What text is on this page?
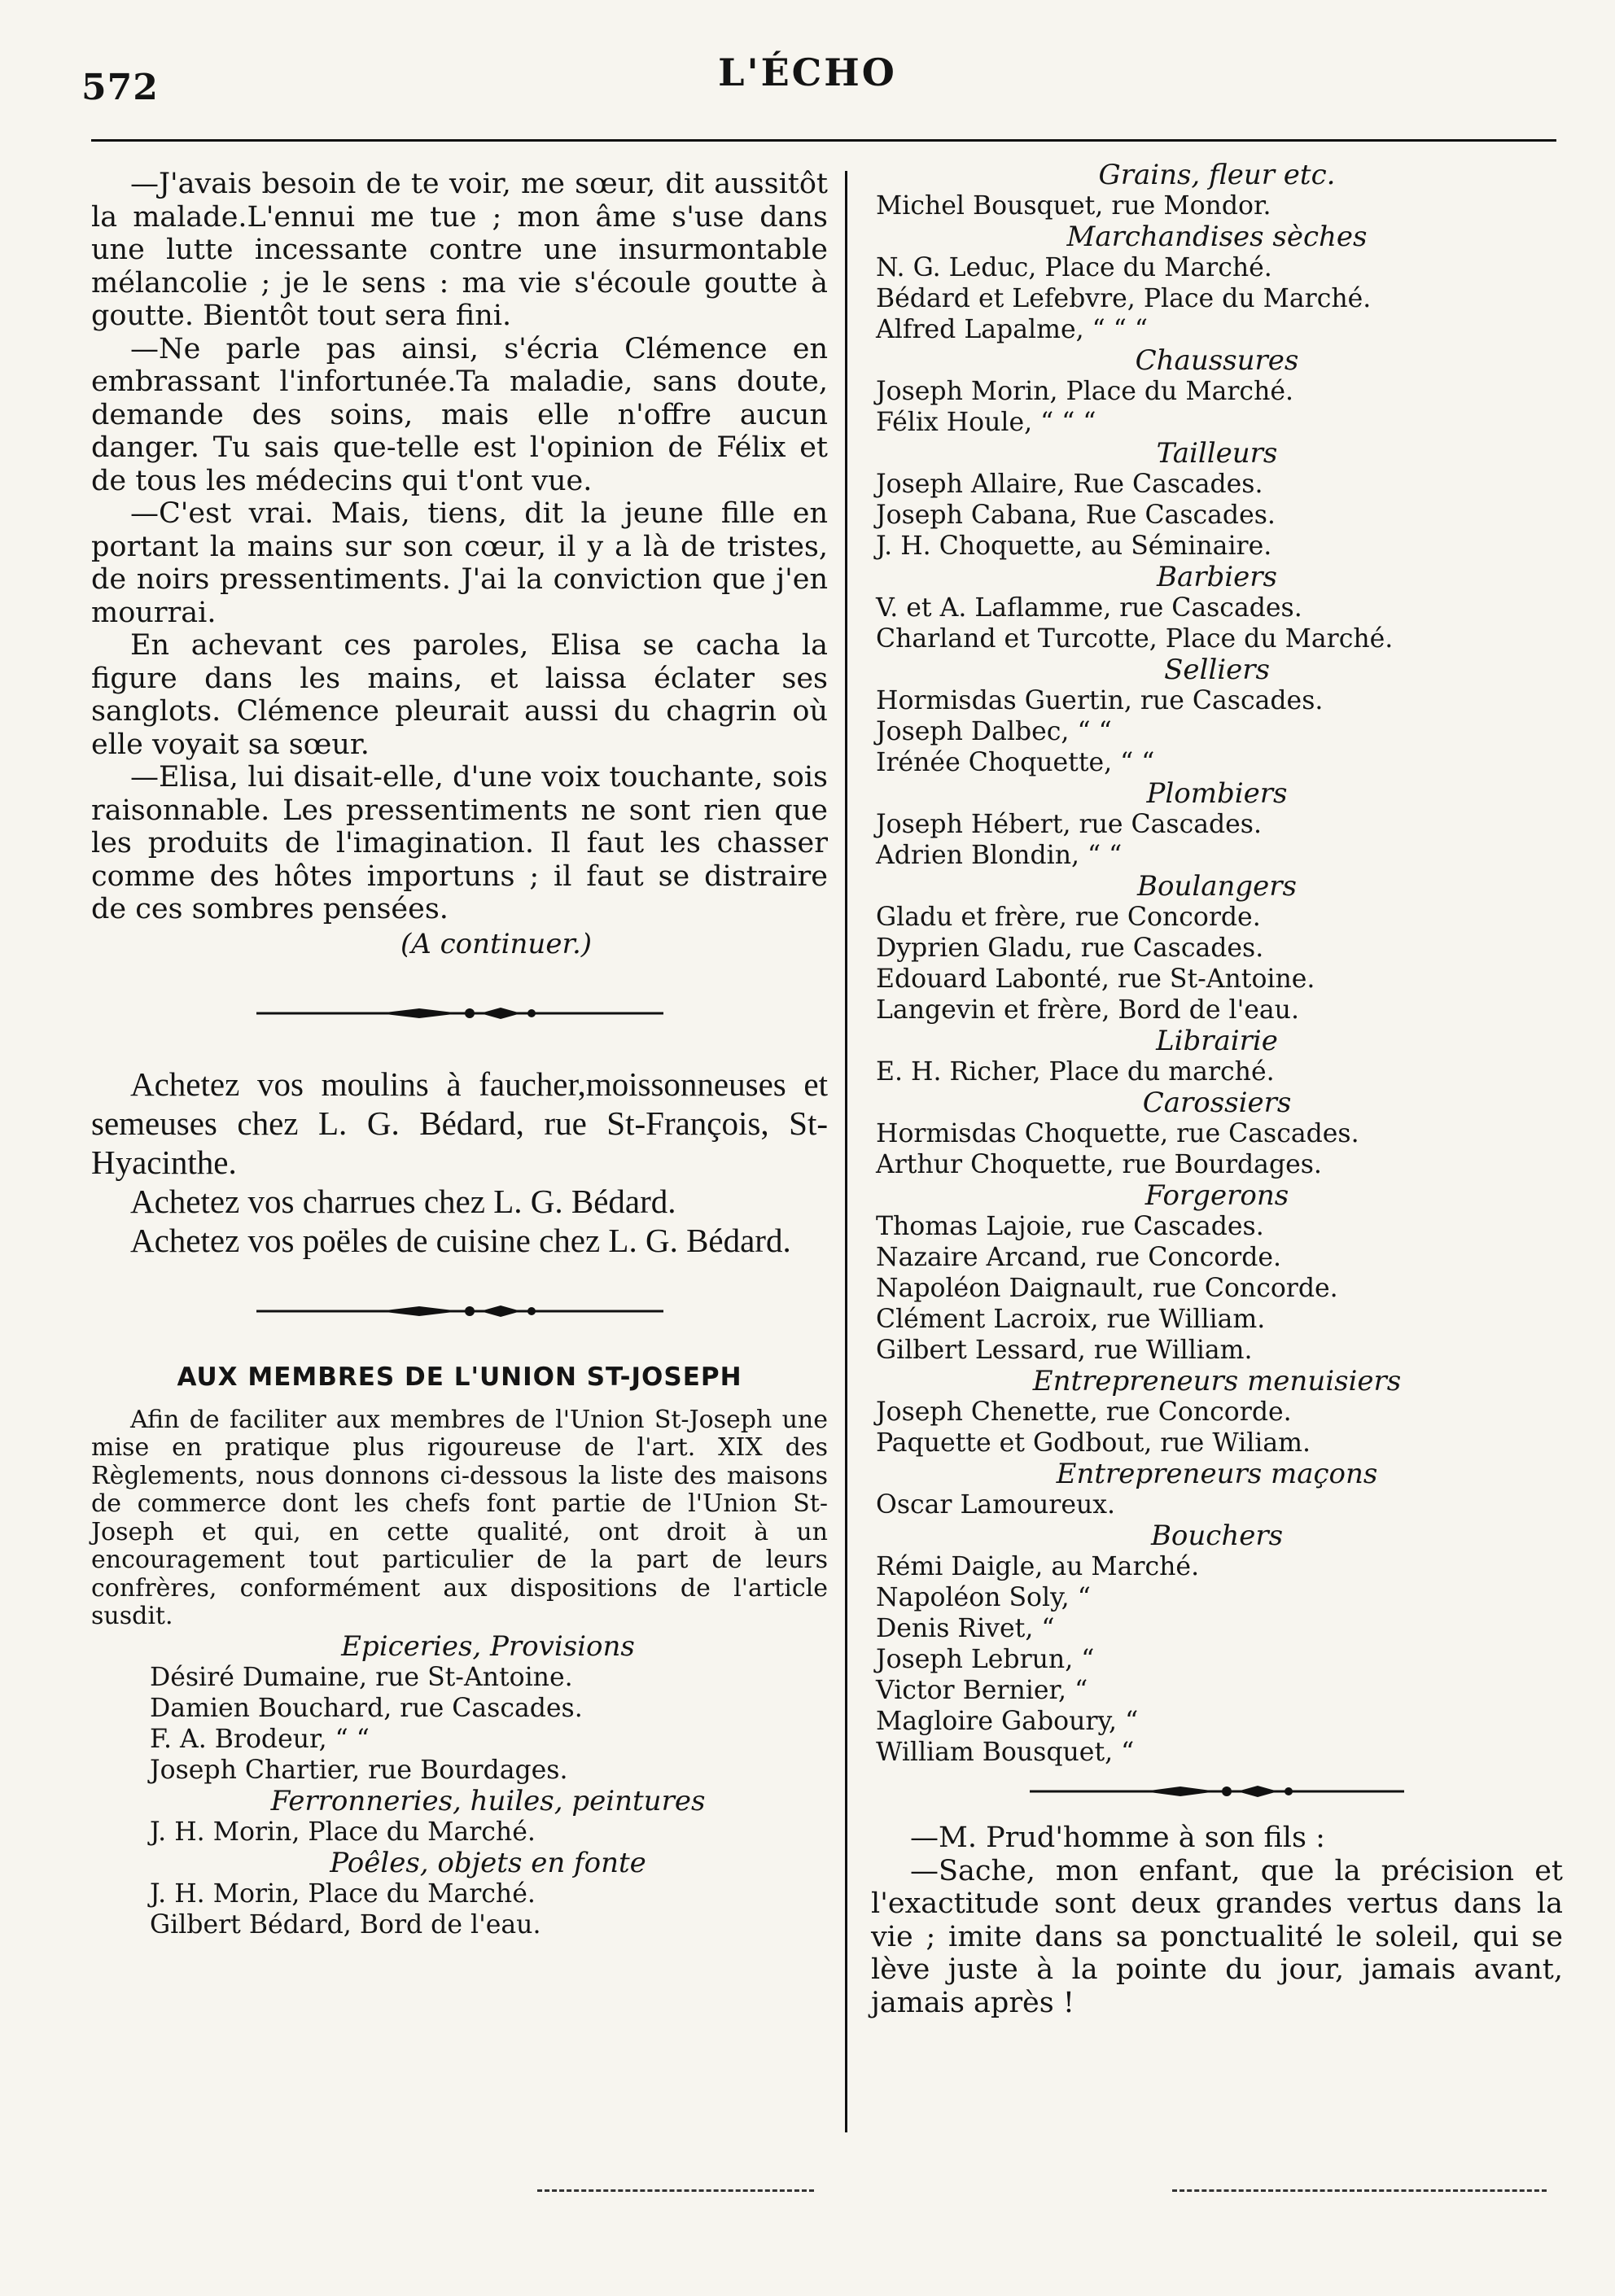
572	L'ÉCHO

—J'avais besoin de te voir, me sœur, dit aussitôt la malade.L'ennui me tue ; mon âme s'use dans une lutte incessante contre une insurmontable mélancolie ; je le sens : ma vie s'écoule goutte à goutte. Bientôt tout sera fini.

—Ne parle pas ainsi, s'écria Clémence en embrassant l'infortunée.Ta maladie, sans doute, demande des soins, mais elle n'offre aucun danger. Tu sais que-telle est l'opinion de Félix et de tous les médecins qui t'ont vue.

—C'est vrai. Mais, tiens, dit la jeune fille en portant la mains sur son cœur, il y a là de tristes, de noirs pressentiments. J'ai la conviction que j'en mourrai.

En achevant ces paroles, Elisa se cacha la figure dans les mains, et laissa éclater ses sanglots. Clémence pleurait aussi du chagrin où elle voyait sa sœur.

—Elisa, lui disait-elle, d'une voix touchante, sois raisonnable. Les pressentiments ne sont rien que les produits de l'imagination. Il faut les chasser comme des hôtes importuns ; il faut se distraire de ces sombres pensées.

(A continuer.)

Achetez vos moulins à faucher,moissonneuses et semeuses chez L. G. Bédard, rue St-François, St-Hyacinthe.

Achetez vos charrues chez L. G. Bédard.

Achetez vos poëles de cuisine chez L. G. Bédard.

AUX MEMBRES DE L'UNION ST-JOSEPH

Afin de faciliter aux membres de l'Union St-Joseph une mise en pratique plus rigoureuse de l'art. XIX des Règlements, nous donnons ci-dessous la liste des maisons de commerce dont les chefs font partie de l'Union St-Joseph et qui, en cette qualité, ont droit à un encouragement tout particulier de la part de leurs confrères, conformément aux dispositions de l'article susdit.

Epiceries, Provisions
Désiré Dumaine, rue St-Antoine.
Damien Bouchard, rue Cascades.
F. A. Brodeur, “ “
Joseph Chartier, rue Bourdages.
Ferronneries, huiles, peintures
J. H. Morin, Place du Marché.
Poêles, objets en fonte
J. H. Morin, Place du Marché.
Gilbert Bédard, Bord de l'eau.
Grains, fleur etc.
Michel Bousquet, rue Mondor.
Marchandises sèches
N. G. Leduc, Place du Marché.
Bédard et Lefebvre, Place du Marché.
Alfred Lapalme, “ “ “
Chaussures
Joseph Morin, Place du Marché.
Félix Houle, “ “ “
Tailleurs
Joseph Allaire, Rue Cascades.
Joseph Cabana, Rue Cascades.
J. H. Choquette, au Séminaire.
Barbiers
V. et A. Laflamme, rue Cascades.
Charland et Turcotte, Place du Marché.
Selliers
Hormisdas Guertin, rue Cascades.
Joseph Dalbec, “ “
Irénée Choquette, “ “
Plombiers
Joseph Hébert, rue Cascades.
Adrien Blondin, “ “
Boulangers
Gladu et frère, rue Concorde.
Dyprien Gladu, rue Cascades.
Edouard Labonté, rue St-Antoine.
Langevin et frère, Bord de l'eau.
Librairie
E. H. Richer, Place du marché.
Carossiers
Hormisdas Choquette, rue Cascades.
Arthur Choquette, rue Bourdages.
Forgerons
Thomas Lajoie, rue Cascades.
Nazaire Arcand, rue Concorde.
Napoléon Daignault, rue Concorde.
Clément Lacroix, rue William.
Gilbert Lessard, rue William.
Entrepreneurs menuisiers
Joseph Chenette, rue Concorde.
Paquette et Godbout, rue Wiliam.
Entrepreneurs maçons
Oscar Lamoureux.
Bouchers
Rémi Daigle, au Marché.
Napoléon Soly, “
Denis Rivet, “
Joseph Lebrun, “
Victor Bernier, “
Magloire Gaboury, “
William Bousquet, “

—M. Prud'homme à son fils :

—Sache, mon enfant, que la précision et l'exactitude sont deux grandes vertus dans la vie ; imite dans sa ponctualité le soleil, qui se lève juste à la pointe du jour, jamais avant, jamais après !
